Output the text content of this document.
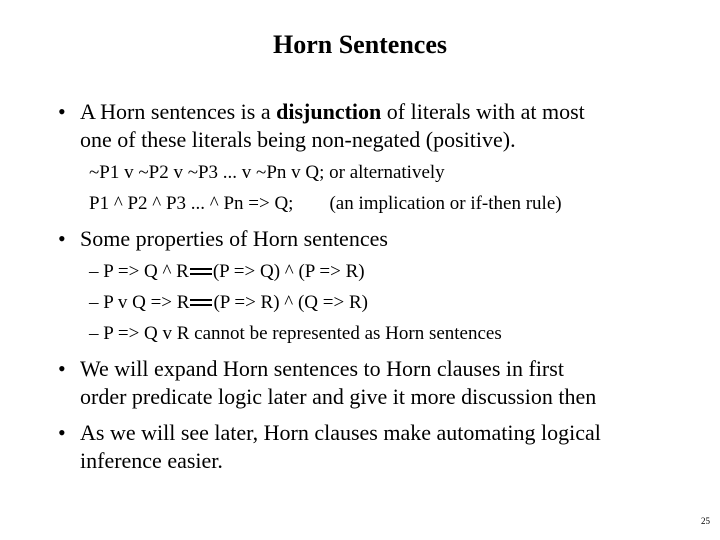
Horn Sentences
• A Horn sentences is a disjunction of literals with at most
one of these literals being non-negated (positive).
~P1 v ~P2 v ~P3 ... v ~Pn v Q; or alternatively
P1 ^ P2 ^ P3 ... ^ Pn => Q; (an implication or if-then rule)
• Some properties of Horn sentences
– P => Q ^ R (P => Q) ^ (P => R)
– P v Q => R (P => R) ^ (Q => R)
– P => Q v R cannot be represented as Horn sentences
• We will expand Horn sentences to Horn clauses in first
order predicate logic later and give it more discussion then
• As we will see later, Horn clauses make automating logical
inference easier.
25
